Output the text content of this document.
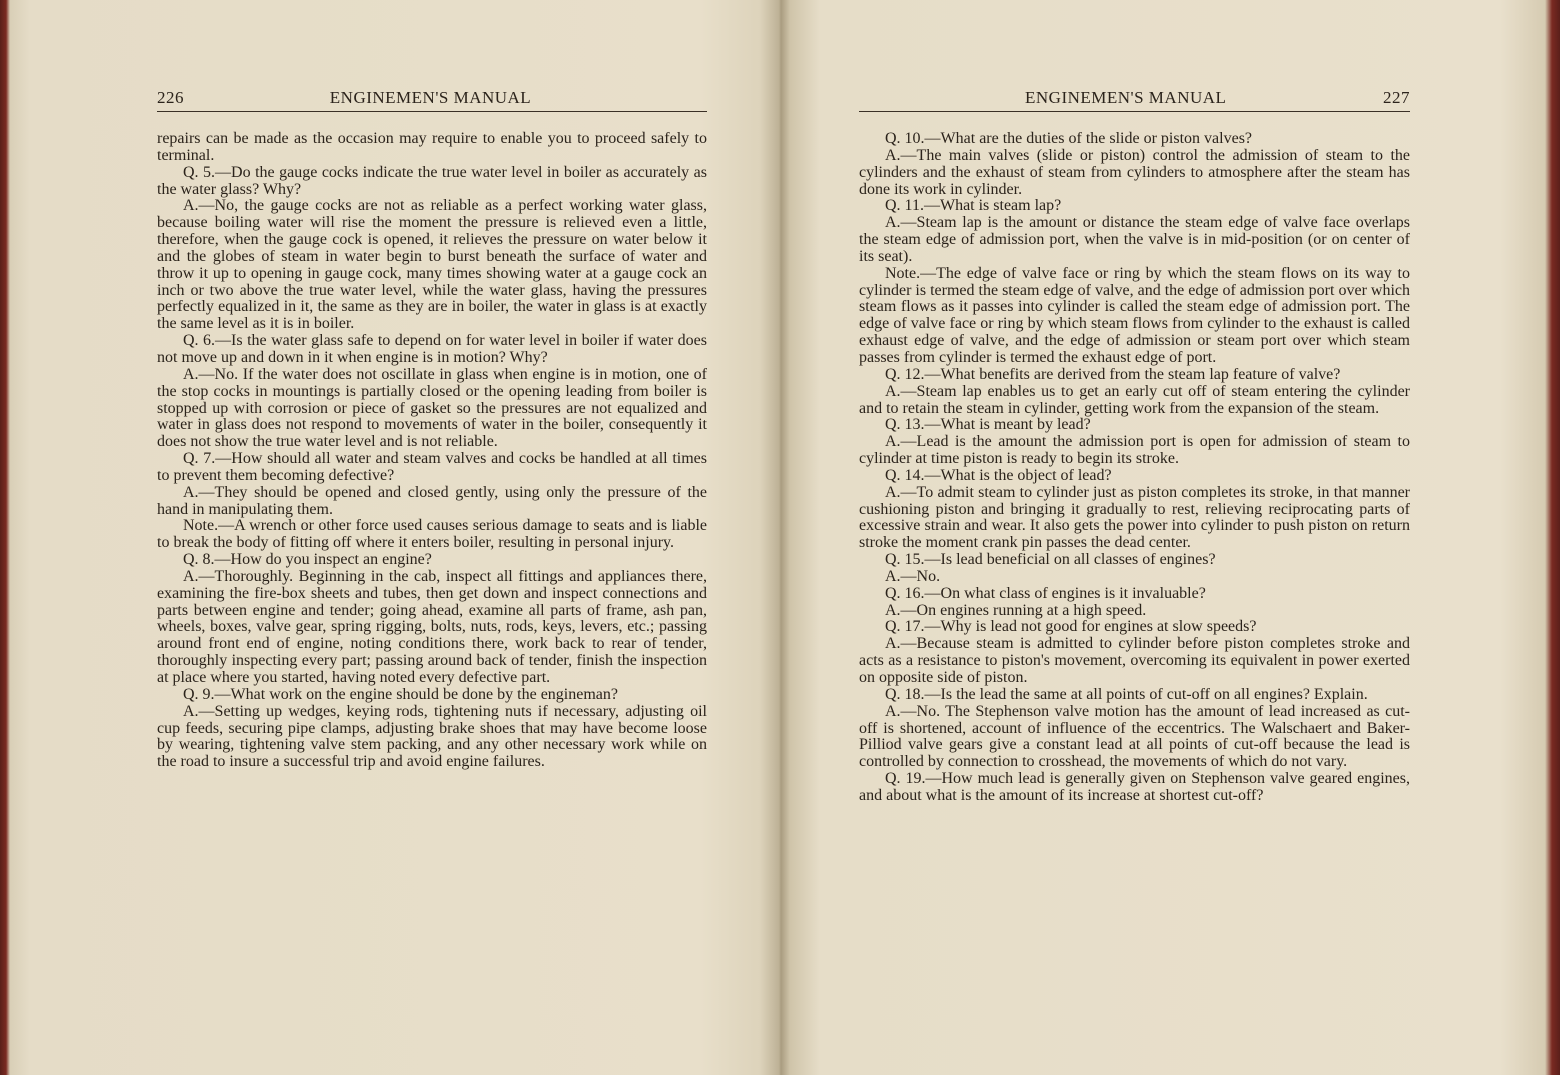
226	ENGINEMEN'S MANUAL

repairs can be made as the occasion may require to enable you to proceed safely to terminal.

Q. 5.—Do the gauge cocks indicate the true water level in boiler as accurately as the water glass? Why?

A.—No, the gauge cocks are not as reliable as a perfect working water glass, because boiling water will rise the moment the pressure is relieved even a little, therefore, when the gauge cock is opened, it relieves the pressure on water below it and the globes of steam in water begin to burst beneath the surface of water and throw it up to opening in gauge cock, many times showing water at a gauge cock an inch or two above the true water level, while the water glass, having the pressures perfectly equalized in it, the same as they are in boiler, the water in glass is at exactly the same level as it is in boiler.

Q. 6.—Is the water glass safe to depend on for water level in boiler if water does not move up and down in it when engine is in motion? Why?

A.—No. If the water does not oscillate in glass when engine is in motion, one of the stop cocks in mountings is partially closed or the opening leading from boiler is stopped up with corrosion or piece of gasket so the pressures are not equalized and water in glass does not respond to movements of water in the boiler, consequently it does not show the true water level and is not reliable.

Q. 7.—How should all water and steam valves and cocks be handled at all times to prevent them becoming defective?

A.—They should be opened and closed gently, using only the pressure of the hand in manipulating them.

Note.—A wrench or other force used causes serious damage to seats and is liable to break the body of fitting off where it enters boiler, resulting in personal injury.

Q. 8.—How do you inspect an engine?

A.—Thoroughly. Beginning in the cab, inspect all fittings and appliances there, examining the fire-box sheets and tubes, then get down and inspect connections and parts between engine and tender; going ahead, examine all parts of frame, ash pan, wheels, boxes, valve gear, spring rigging, bolts, nuts, rods, keys, levers, etc.; passing around front end of engine, noting conditions there, work back to rear of tender, thoroughly inspecting every part; passing around back of tender, finish the inspection at place where you started, having noted every defective part.

Q. 9.—What work on the engine should be done by the engineman?

A.—Setting up wedges, keying rods, tightening nuts if necessary, adjusting oil cup feeds, securing pipe clamps, adjusting brake shoes that may have become loose by wearing, tightening valve stem packing, and any other necessary work while on the road to insure a successful trip and avoid engine failures.

ENGINEMEN'S MANUAL	227

Q. 10.—What are the duties of the slide or piston valves?

A.—The main valves (slide or piston) control the admission of steam to the cylinders and the exhaust of steam from cylinders to atmosphere after the steam has done its work in cylinder.

Q. 11.—What is steam lap?

A.—Steam lap is the amount or distance the steam edge of valve face overlaps the steam edge of admission port, when the valve is in mid-position (or on center of its seat).

Note.—The edge of valve face or ring by which the steam flows on its way to cylinder is termed the steam edge of valve, and the edge of admission port over which steam flows as it passes into cylinder is called the steam edge of admission port. The edge of valve face or ring by which steam flows from cylinder to the exhaust is called exhaust edge of valve, and the edge of admission or steam port over which steam passes from cylinder is termed the exhaust edge of port.

Q. 12.—What benefits are derived from the steam lap feature of valve?

A.—Steam lap enables us to get an early cut off of steam entering the cylinder and to retain the steam in cylinder, getting work from the expansion of the steam.

Q. 13.—What is meant by lead?

A.—Lead is the amount the admission port is open for admission of steam to cylinder at time piston is ready to begin its stroke.

Q. 14.—What is the object of lead?

A.—To admit steam to cylinder just as piston completes its stroke, in that manner cushioning piston and bringing it gradually to rest, relieving reciprocating parts of excessive strain and wear. It also gets the power into cylinder to push piston on return stroke the moment crank pin passes the dead center.

Q. 15.—Is lead beneficial on all classes of engines?

A.—No.

Q. 16.—On what class of engines is it invaluable?

A.—On engines running at a high speed.

Q. 17.—Why is lead not good for engines at slow speeds?

A.—Because steam is admitted to cylinder before piston completes stroke and acts as a resistance to piston's movement, overcoming its equivalent in power exerted on opposite side of piston.

Q. 18.—Is the lead the same at all points of cut-off on all engines? Explain.

A.—No. The Stephenson valve motion has the amount of lead increased as cut-off is shortened, account of influence of the eccentrics. The Walschaert and Baker-Pilliod valve gears give a constant lead at all points of cut-off because the lead is controlled by connection to crosshead, the movements of which do not vary.

Q. 19.—How much lead is generally given on Stephenson valve geared engines, and about what is the amount of its increase at shortest cut-off?
